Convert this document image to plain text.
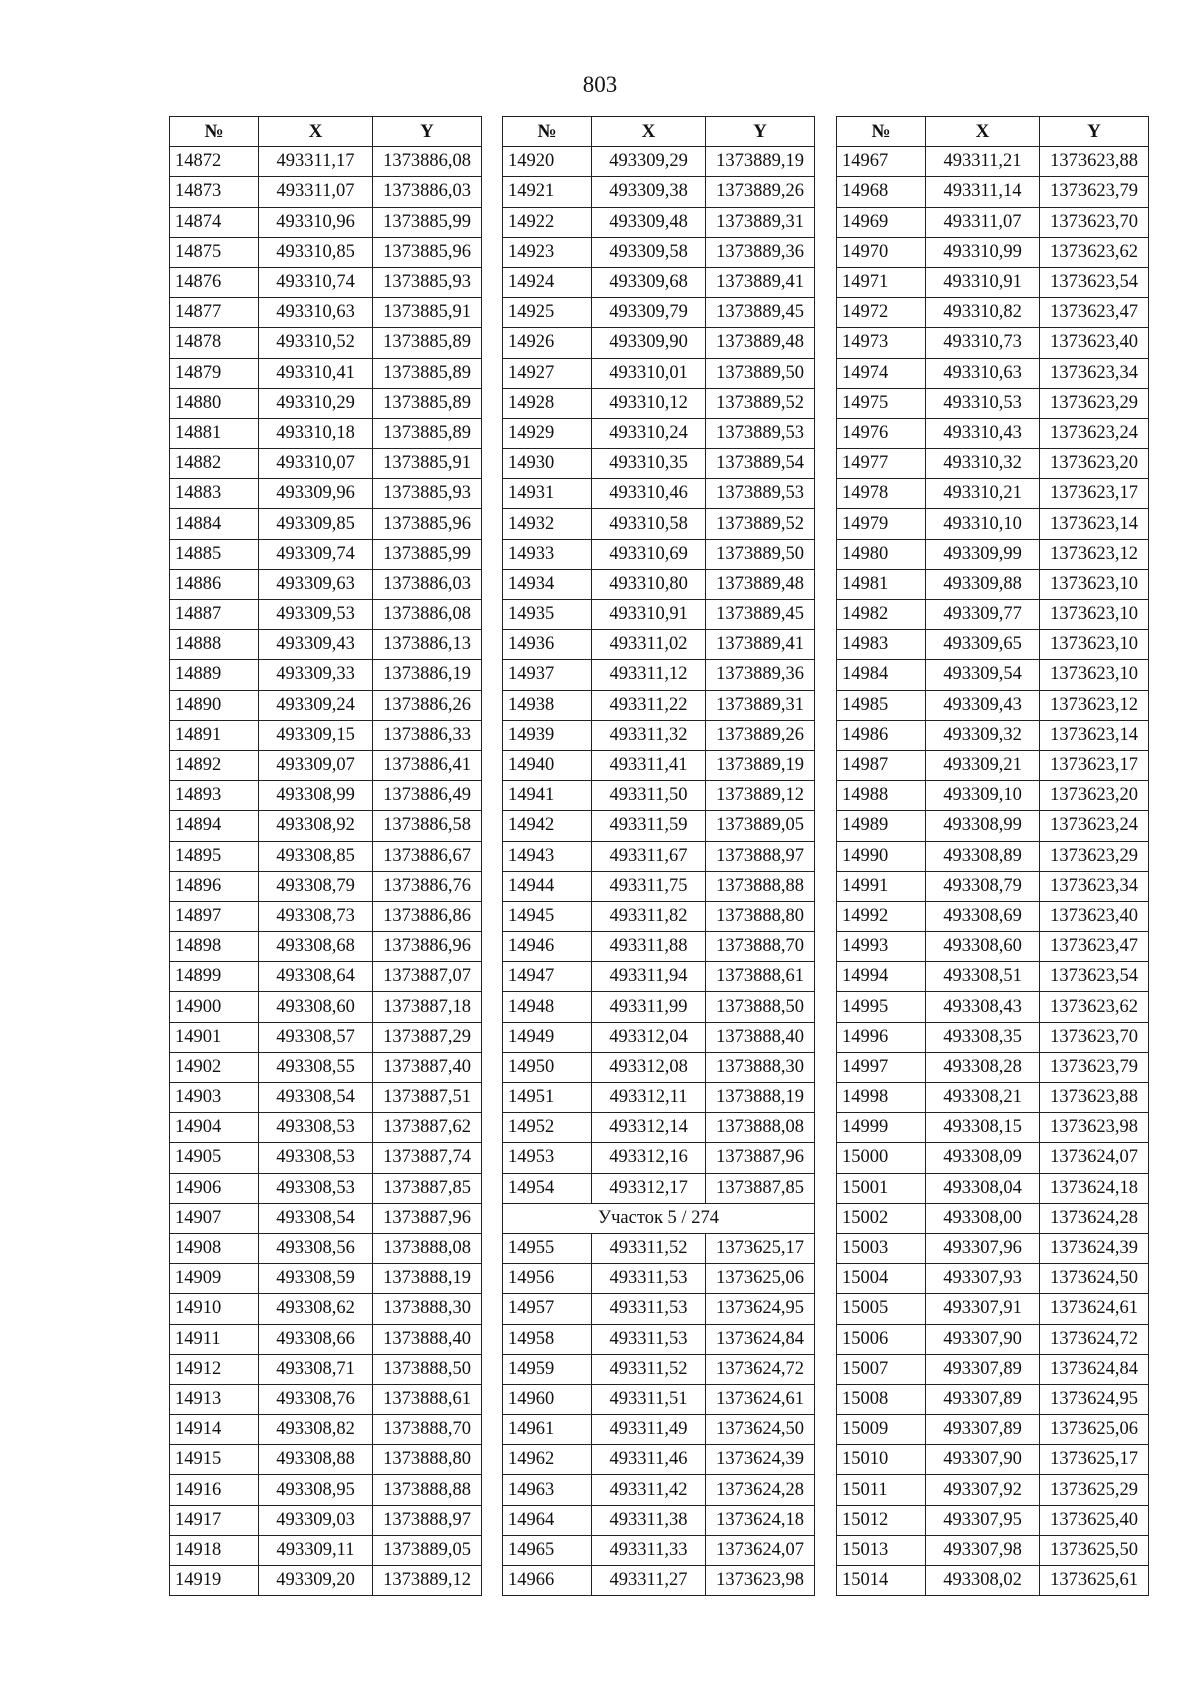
803
№	X	Y
14872	493311,17	1373886,08
14873	493311,07	1373886,03
14874	493310,96	1373885,99
14875	493310,85	1373885,96
14876	493310,74	1373885,93
14877	493310,63	1373885,91
14878	493310,52	1373885,89
14879	493310,41	1373885,89
14880	493310,29	1373885,89
14881	493310,18	1373885,89
14882	493310,07	1373885,91
14883	493309,96	1373885,93
14884	493309,85	1373885,96
14885	493309,74	1373885,99
14886	493309,63	1373886,03
14887	493309,53	1373886,08
14888	493309,43	1373886,13
14889	493309,33	1373886,19
14890	493309,24	1373886,26
14891	493309,15	1373886,33
14892	493309,07	1373886,41
14893	493308,99	1373886,49
14894	493308,92	1373886,58
14895	493308,85	1373886,67
14896	493308,79	1373886,76
14897	493308,73	1373886,86
14898	493308,68	1373886,96
14899	493308,64	1373887,07
14900	493308,60	1373887,18
14901	493308,57	1373887,29
14902	493308,55	1373887,40
14903	493308,54	1373887,51
14904	493308,53	1373887,62
14905	493308,53	1373887,74
14906	493308,53	1373887,85
14907	493308,54	1373887,96
14908	493308,56	1373888,08
14909	493308,59	1373888,19
14910	493308,62	1373888,30
14911	493308,66	1373888,40
14912	493308,71	1373888,50
14913	493308,76	1373888,61
14914	493308,82	1373888,70
14915	493308,88	1373888,80
14916	493308,95	1373888,88
14917	493309,03	1373888,97
14918	493309,11	1373889,05
14919	493309,20	1373889,12
№	X	Y
14920	493309,29	1373889,19
14921	493309,38	1373889,26
14922	493309,48	1373889,31
14923	493309,58	1373889,36
14924	493309,68	1373889,41
14925	493309,79	1373889,45
14926	493309,90	1373889,48
14927	493310,01	1373889,50
14928	493310,12	1373889,52
14929	493310,24	1373889,53
14930	493310,35	1373889,54
14931	493310,46	1373889,53
14932	493310,58	1373889,52
14933	493310,69	1373889,50
14934	493310,80	1373889,48
14935	493310,91	1373889,45
14936	493311,02	1373889,41
14937	493311,12	1373889,36
14938	493311,22	1373889,31
14939	493311,32	1373889,26
14940	493311,41	1373889,19
14941	493311,50	1373889,12
14942	493311,59	1373889,05
14943	493311,67	1373888,97
14944	493311,75	1373888,88
14945	493311,82	1373888,80
14946	493311,88	1373888,70
14947	493311,94	1373888,61
14948	493311,99	1373888,50
14949	493312,04	1373888,40
14950	493312,08	1373888,30
14951	493312,11	1373888,19
14952	493312,14	1373888,08
14953	493312,16	1373887,96
14954	493312,17	1373887,85
Участок 5 / 274		
14955	493311,52	1373625,17
14956	493311,53	1373625,06
14957	493311,53	1373624,95
14958	493311,53	1373624,84
14959	493311,52	1373624,72
14960	493311,51	1373624,61
14961	493311,49	1373624,50
14962	493311,46	1373624,39
14963	493311,42	1373624,28
14964	493311,38	1373624,18
14965	493311,33	1373624,07
14966	493311,27	1373623,98
№	X	Y
14967	493311,21	1373623,88
14968	493311,14	1373623,79
14969	493311,07	1373623,70
14970	493310,99	1373623,62
14971	493310,91	1373623,54
14972	493310,82	1373623,47
14973	493310,73	1373623,40
14974	493310,63	1373623,34
14975	493310,53	1373623,29
14976	493310,43	1373623,24
14977	493310,32	1373623,20
14978	493310,21	1373623,17
14979	493310,10	1373623,14
14980	493309,99	1373623,12
14981	493309,88	1373623,10
14982	493309,77	1373623,10
14983	493309,65	1373623,10
14984	493309,54	1373623,10
14985	493309,43	1373623,12
14986	493309,32	1373623,14
14987	493309,21	1373623,17
14988	493309,10	1373623,20
14989	493308,99	1373623,24
14990	493308,89	1373623,29
14991	493308,79	1373623,34
14992	493308,69	1373623,40
14993	493308,60	1373623,47
14994	493308,51	1373623,54
14995	493308,43	1373623,62
14996	493308,35	1373623,70
14997	493308,28	1373623,79
14998	493308,21	1373623,88
14999	493308,15	1373623,98
15000	493308,09	1373624,07
15001	493308,04	1373624,18
15002	493308,00	1373624,28
15003	493307,96	1373624,39
15004	493307,93	1373624,50
15005	493307,91	1373624,61
15006	493307,90	1373624,72
15007	493307,89	1373624,84
15008	493307,89	1373624,95
15009	493307,89	1373625,06
15010	493307,90	1373625,17
15011	493307,92	1373625,29
15012	493307,95	1373625,40
15013	493307,98	1373625,50
15014	493308,02	1373625,61
